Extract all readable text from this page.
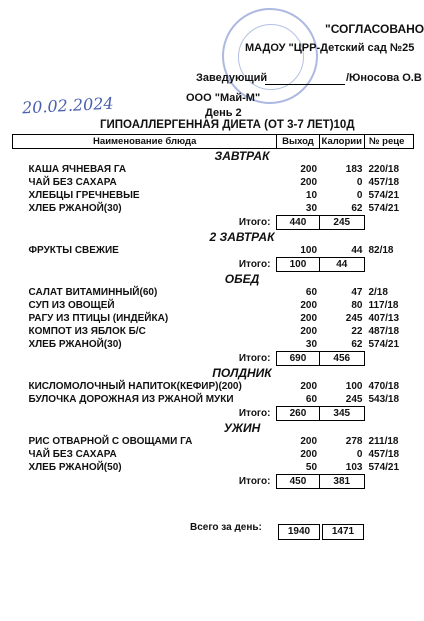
"СОГЛАСОВАНО
МАДОУ "ЦРР-Детский сад №25
Заведующий	/Юносова О.В
ООО "Май-М"
День 2
20.02.2024
ГИПОАЛЛЕРГЕННАЯ ДИЕТА (ОТ 3-7 ЛЕТ)10Д
Наименование блюда	Выход	Калории	№ реце
ЗАВТРАК			
КАША ЯЧНЕВАЯ ГА	200	183	220/18
ЧАЙ БЕЗ САХАРА	200	0	457/18
ХЛЕБЦЫ ГРЕЧНЕВЫЕ	10	0	574/21
ХЛЕБ РЖАНОЙ(30)	30	62	574/21
Итого:	440	245	
2 ЗАВТРАК			
ФРУКТЫ СВЕЖИЕ	100	44	82/18
Итого:	100	44	
ОБЕД			
САЛАТ ВИТАМИННЫЙ(60)	60	47	2/18
СУП ИЗ ОВОЩЕЙ	200	80	117/18
РАГУ ИЗ ПТИЦЫ (ИНДЕЙКА)	200	245	407/13
КОМПОТ ИЗ ЯБЛОК Б/С	200	22	487/18
ХЛЕБ РЖАНОЙ(30)	30	62	574/21
Итого:	690	456	
ПОЛДНИК			
КИСЛОМОЛОЧНЫЙ НАПИТОК(КЕФИР)(200)	200	100	470/18
БУЛОЧКА ДОРОЖНАЯ ИЗ РЖАНОЙ МУКИ	60	245	543/18
Итого:	260	345	
УЖИН			
РИС ОТВАРНОЙ С ОВОЩАМИ ГА	200	278	211/18
ЧАЙ БЕЗ САХАРА	200	0	457/18
ХЛЕБ РЖАНОЙ(50)	50	103	574/21
Итого:	450	381	
Всего за день:	1940	1471
